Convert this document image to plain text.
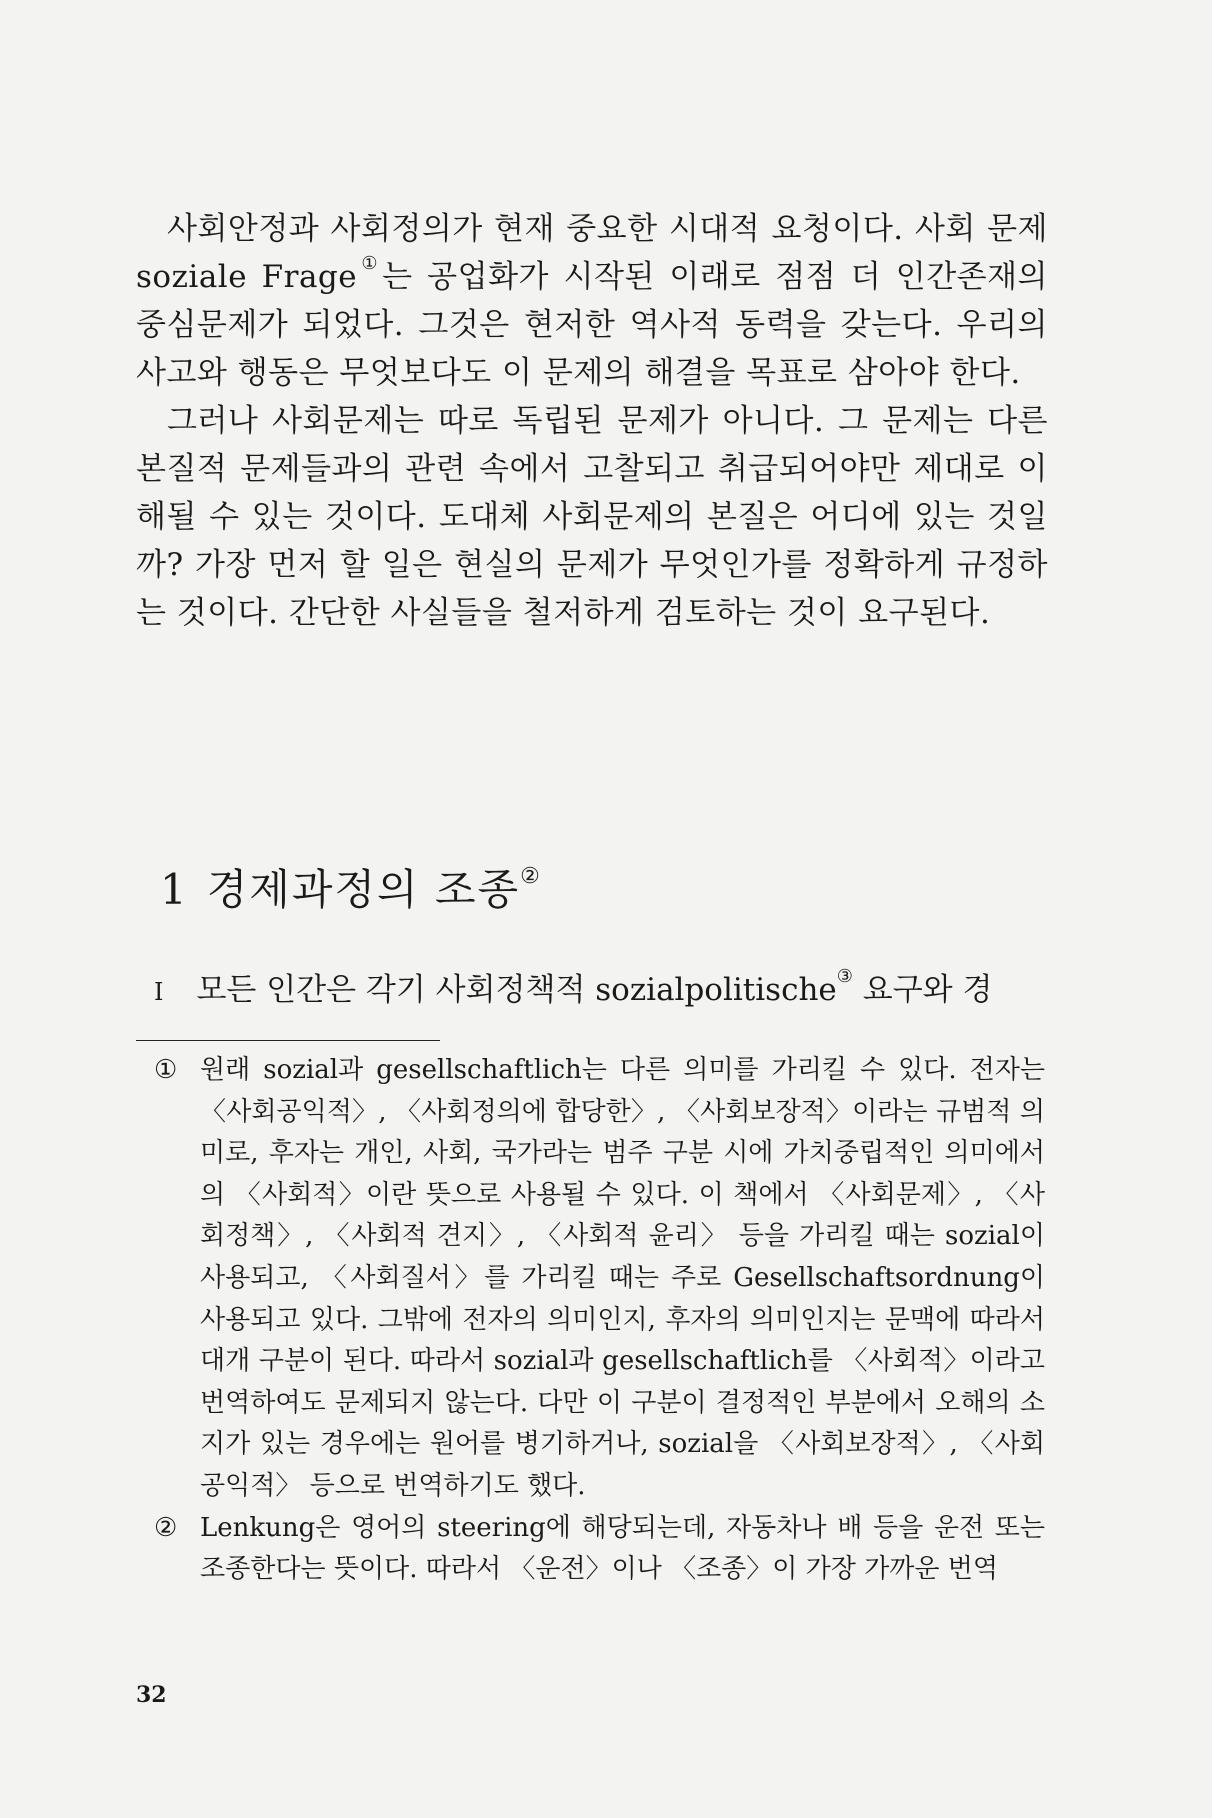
사회안정과 사회정의가 현재 중요한 시대적 요청이다. 사회 문제 soziale Frage①는 공업화가 시작된 이래로 점점 더 인간존재의 중심문제가 되었다. 그것은 현저한 역사적 동력을 갖는다. 우리의 사고와 행동은 무엇보다도 이 문제의 해결을 목표로 삼아야 한다.

그러나 사회문제는 따로 독립된 문제가 아니다. 그 문제는 다른 본질적 문제들과의 관련 속에서 고찰되고 취급되어야만 제대로 이해될 수 있는 것이다. 도대체 사회문제의 본질은 어디에 있는 것일까? 가장 먼저 할 일은 현실의 문제가 무엇인가를 정확하게 규정하는 것이다. 간단한 사실들을 철저하게 검토하는 것이 요구된다.

1 경제과정의 조종②

I 모든 인간은 각기 사회정책적 sozialpolitische③ 요구와 경

① 원래 sozial과 gesellschaftlich는 다른 의미를 가리킬 수 있다. 전자는 〈사회공익적〉, 〈사회정의에 합당한〉, 〈사회보장적〉이라는 규범적 의미로, 후자는 개인, 사회, 국가라는 범주 구분 시에 가치중립적인 의미에서의 〈사회적〉이란 뜻으로 사용될 수 있다. 이 책에서 〈사회문제〉, 〈사회정책〉, 〈사회적 견지〉, 〈사회적 윤리〉 등을 가리킬 때는 sozial이 사용되고, 〈사회질서〉를 가리킬 때는 주로 Gesellschaftsordnung이 사용되고 있다. 그밖에 전자의 의미인지, 후자의 의미인지는 문맥에 따라서 대개 구분이 된다. 따라서 sozial과 gesellschaftlich를 〈사회적〉이라고 번역하여도 문제되지 않는다. 다만 이 구분이 결정적인 부분에서 오해의 소지가 있는 경우에는 원어를 병기하거나, sozial을 〈사회보장적〉, 〈사회공익적〉 등으로 번역하기도 했다.

② Lenkung은 영어의 steering에 해당되는데, 자동차나 배 등을 운전 또는 조종한다는 뜻이다. 따라서 〈운전〉이나 〈조종〉이 가장 가까운 번역

32
